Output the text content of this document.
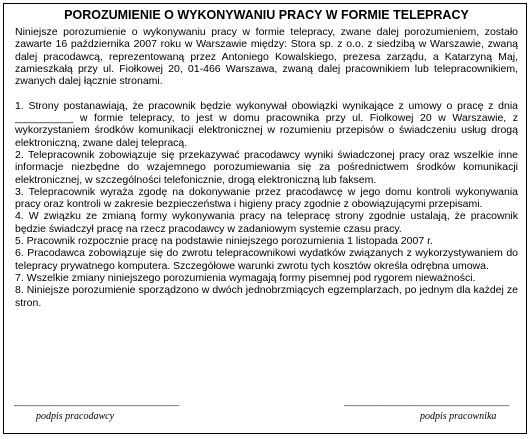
POROZUMIENIE O WYKONYWANIU PRACY W FORMIE TELEPRACY

Niniejsze porozumienie o wykonywaniu pracy w formie telepracy, zwane dalej porozumieniem, zostało zawarte 16 października 2007 roku w Warszawie między: Stora sp. z o.o. z siedzibą w Warszawie, zwaną dalej pracodawcą, reprezentowaną przez Antoniego Kowalskiego, prezesa zarządu, a Katarzyną Maj, zamieszkałą przy ul. Fiołkowej 20, 01-466 Warszawa, zwaną dalej pracownikiem lub telepracownikiem, zwanych dalej łącznie stronami.

1. Strony postanawiają, że pracownik będzie wykonywał obowiązki wynikające z umowy o pracę z dnia __________ w formie telepracy, to jest w domu pracownika przy ul. Fiołkowej 20 w Warszawie, z wykorzystaniem środków komunikacji elektronicznej w rozumieniu przepisów o świadczeniu usług drogą elektroniczną, zwane dalej telepracą.

2. Telepracownik zobowiązuje się przekazywać pracodawcy wyniki świadczonej pracy oraz wszelkie inne informacje niezbędne do wzajemnego porozumiewania się za pośrednictwem środków komunikacji elektronicznej, w szczególności telefonicznie, drogą elektroniczną lub faksem.

3. Telepracownik wyraża zgodę na dokonywanie przez pracodawcę w jego domu kontroli wykonywania pracy oraz kontroli w zakresie bezpieczeństwa i higieny pracy zgodnie z obowiązującymi przepisami.

4. W związku ze zmianą formy wykonywania pracy na telepracę strony zgodnie ustalają, że pracownik będzie świadczył pracę na rzecz pracodawcy w zadaniowym systemie czasu pracy.

5. Pracownik rozpocznie pracę na podstawie niniejszego porozumienia 1 listopada 2007 r.

6. Pracodawca zobowiązuje się do zwrotu telepracownikowi wydatków związanych z wykorzystywaniem do telepracy prywatnego komputera. Szczegółowe warunki zwrotu tych kosztów określa odrębna umowa.

7. Wszelkie zmiany niniejszego porozumienia wymagają formy pisemnej pod rygorem nieważności.

8. Niniejsze porozumienie sporządzono w dwóch jednobrzmiących egzemplarzach, po jednym dla każdej ze stron.

___________________________
podpis pracodawcy
___________________________
podpis pracownika
